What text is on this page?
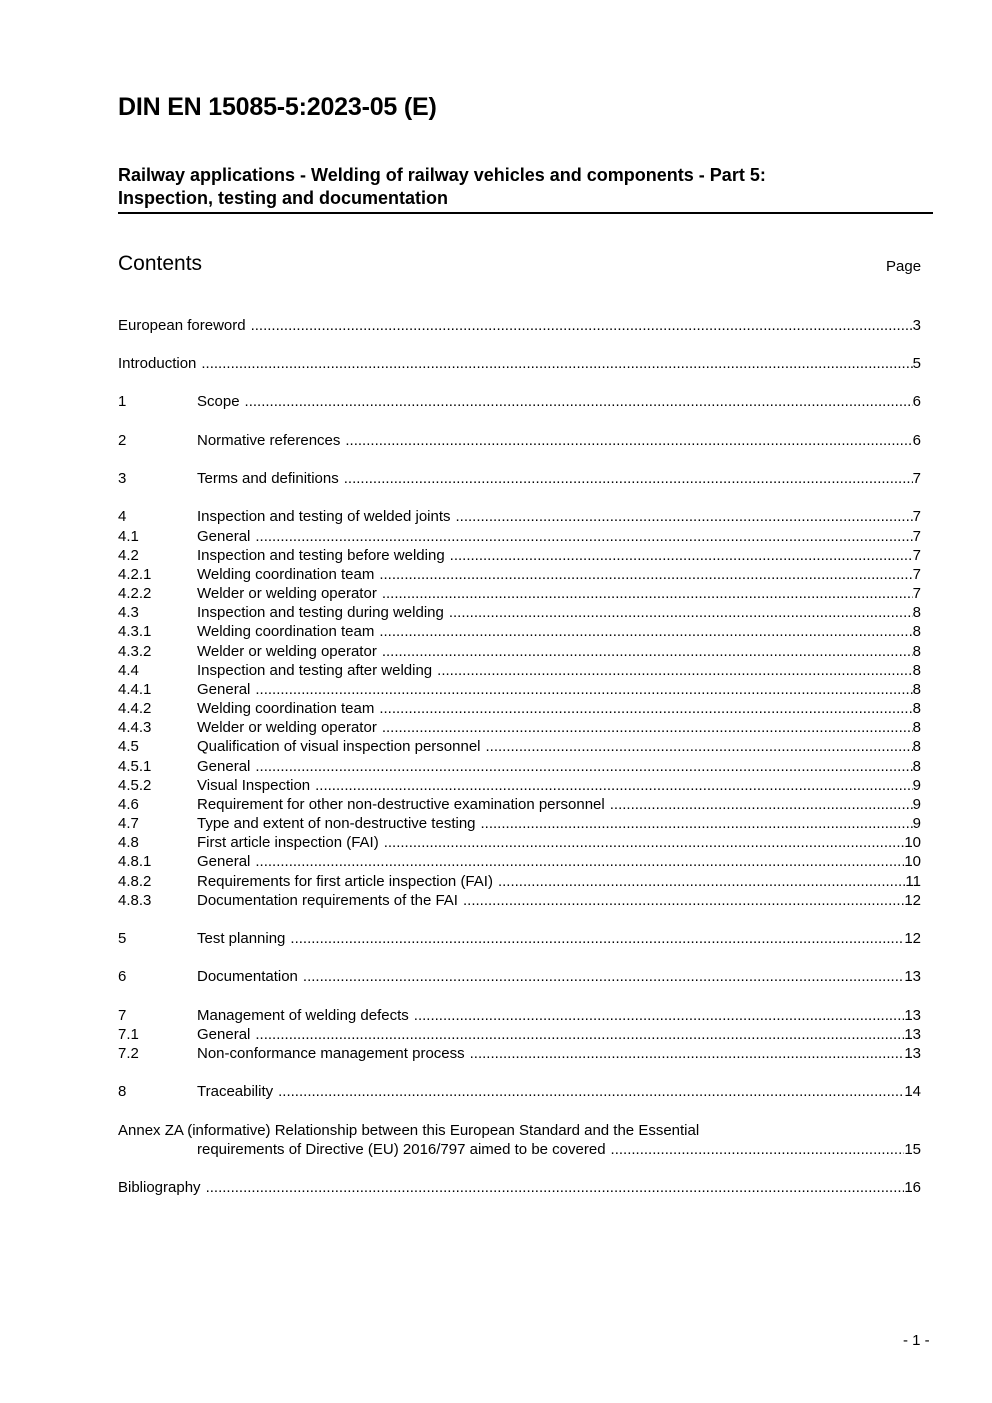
DIN EN 15085-5:2023-05 (E)
Railway applications - Welding of railway vehicles and components - Part 5:
Inspection, testing and documentation
Contents	Page
European foreword .....	3
Introduction .....	5
1	Scope .....	6
2	Normative references .....	6
3	Terms and definitions .....	7
4	Inspection and testing of welded joints .....	7
4.1	General .....	7
4.2	Inspection and testing before welding .....	7
4.2.1	Welding coordination team .....	7
4.2.2	Welder or welding operator .....	7
4.3	Inspection and testing during welding .....	8
4.3.1	Welding coordination team .....	8
4.3.2	Welder or welding operator .....	8
4.4	Inspection and testing after welding .....	8
4.4.1	General .....	8
4.4.2	Welding coordination team .....	8
4.4.3	Welder or welding operator .....	8
4.5	Qualification of visual inspection personnel .....	8
4.5.1	General .....	8
4.5.2	Visual Inspection .....	9
4.6	Requirement for other non-destructive examination personnel .....	9
4.7	Type and extent of non-destructive testing .....	9
4.8	First article inspection (FAI) .....	10
4.8.1	General .....	10
4.8.2	Requirements for first article inspection (FAI) .....	11
4.8.3	Documentation requirements of the FAI .....	12
5	Test planning .....	12
6	Documentation .....	13
7	Management of welding defects .....	13
7.1	General .....	13
7.2	Non-conformance management process .....	13
8	Traceability .....	14
Annex ZA (informative) Relationship between this European Standard and the Essential
requirements of Directive (EU) 2016/797 aimed to be covered .....	15
Bibliography .....	16
- 1 -
